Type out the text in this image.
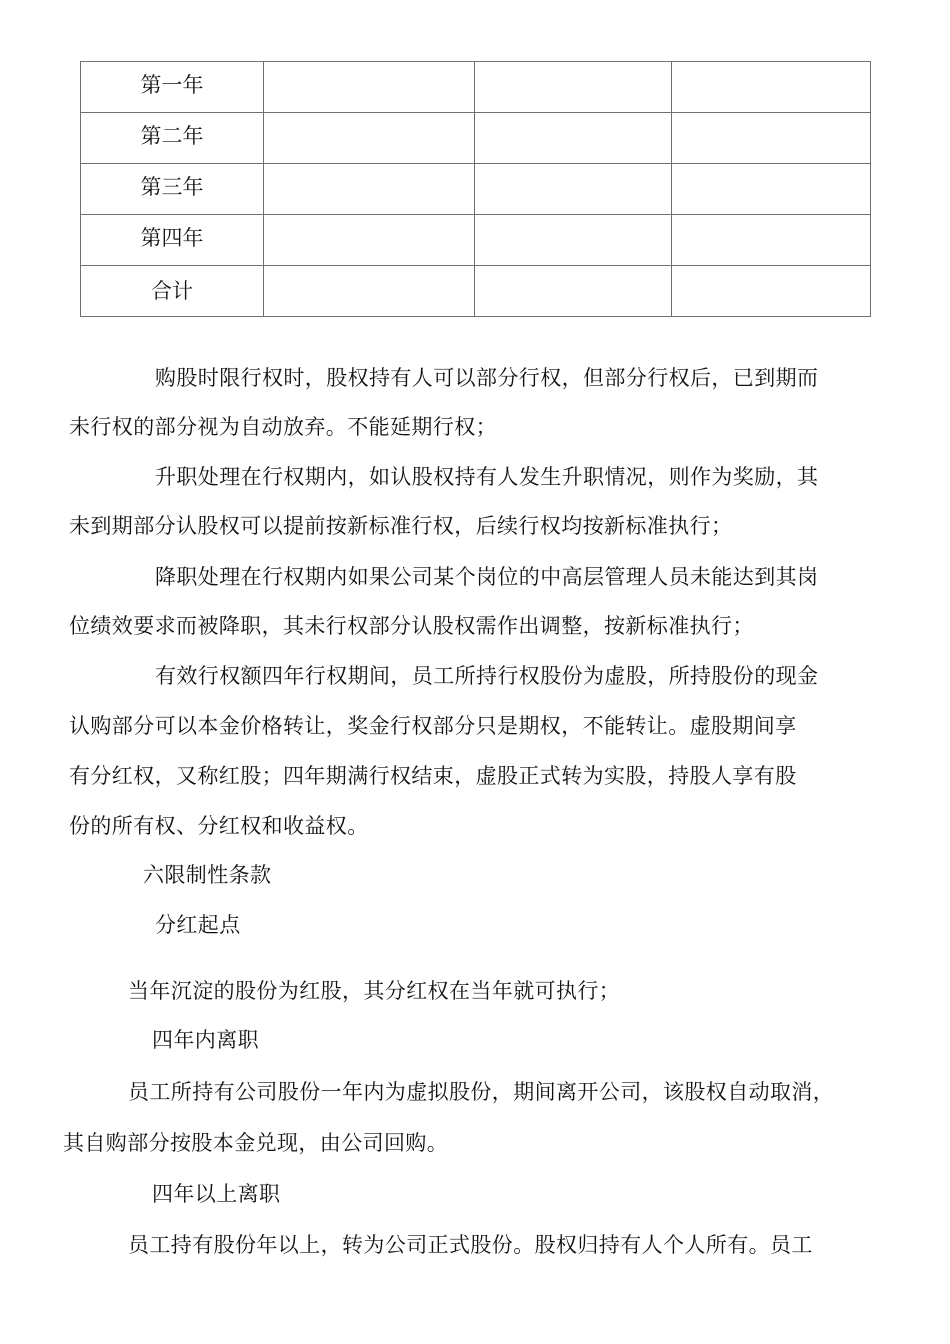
第一年			
第二年			
第三年			
第四年			
合计			
购股时限行权时，股权持有人可以部分行权，但部分行权后，已到期而
未行权的部分视为自动放弃。不能延期行权；
升职处理在行权期内，如认股权持有人发生升职情况，则作为奖励，其
未到期部分认股权可以提前按新标准行权，后续行权均按新标准执行；
降职处理在行权期内如果公司某个岗位的中高层管理人员未能达到其岗
位绩效要求而被降职，其未行权部分认股权需作出调整，按新标准执行；
有效行权额四年行权期间，员工所持行权股份为虚股，所持股份的现金
认购部分可以本金价格转让，奖金行权部分只是期权，不能转让。虚股期间享
有分红权，又称红股；四年期满行权结束，虚股正式转为实股，持股人享有股
份的所有权、分红权和收益权。
六限制性条款
分红起点
当年沉淀的股份为红股，其分红权在当年就可执行；
四年内离职
员工所持有公司股份一年内为虚拟股份，期间离开公司，该股权自动取消，
其自购部分按股本金兑现，由公司回购。
四年以上离职
员工持有股份年以上，转为公司正式股份。股权归持有人个人所有。员工
